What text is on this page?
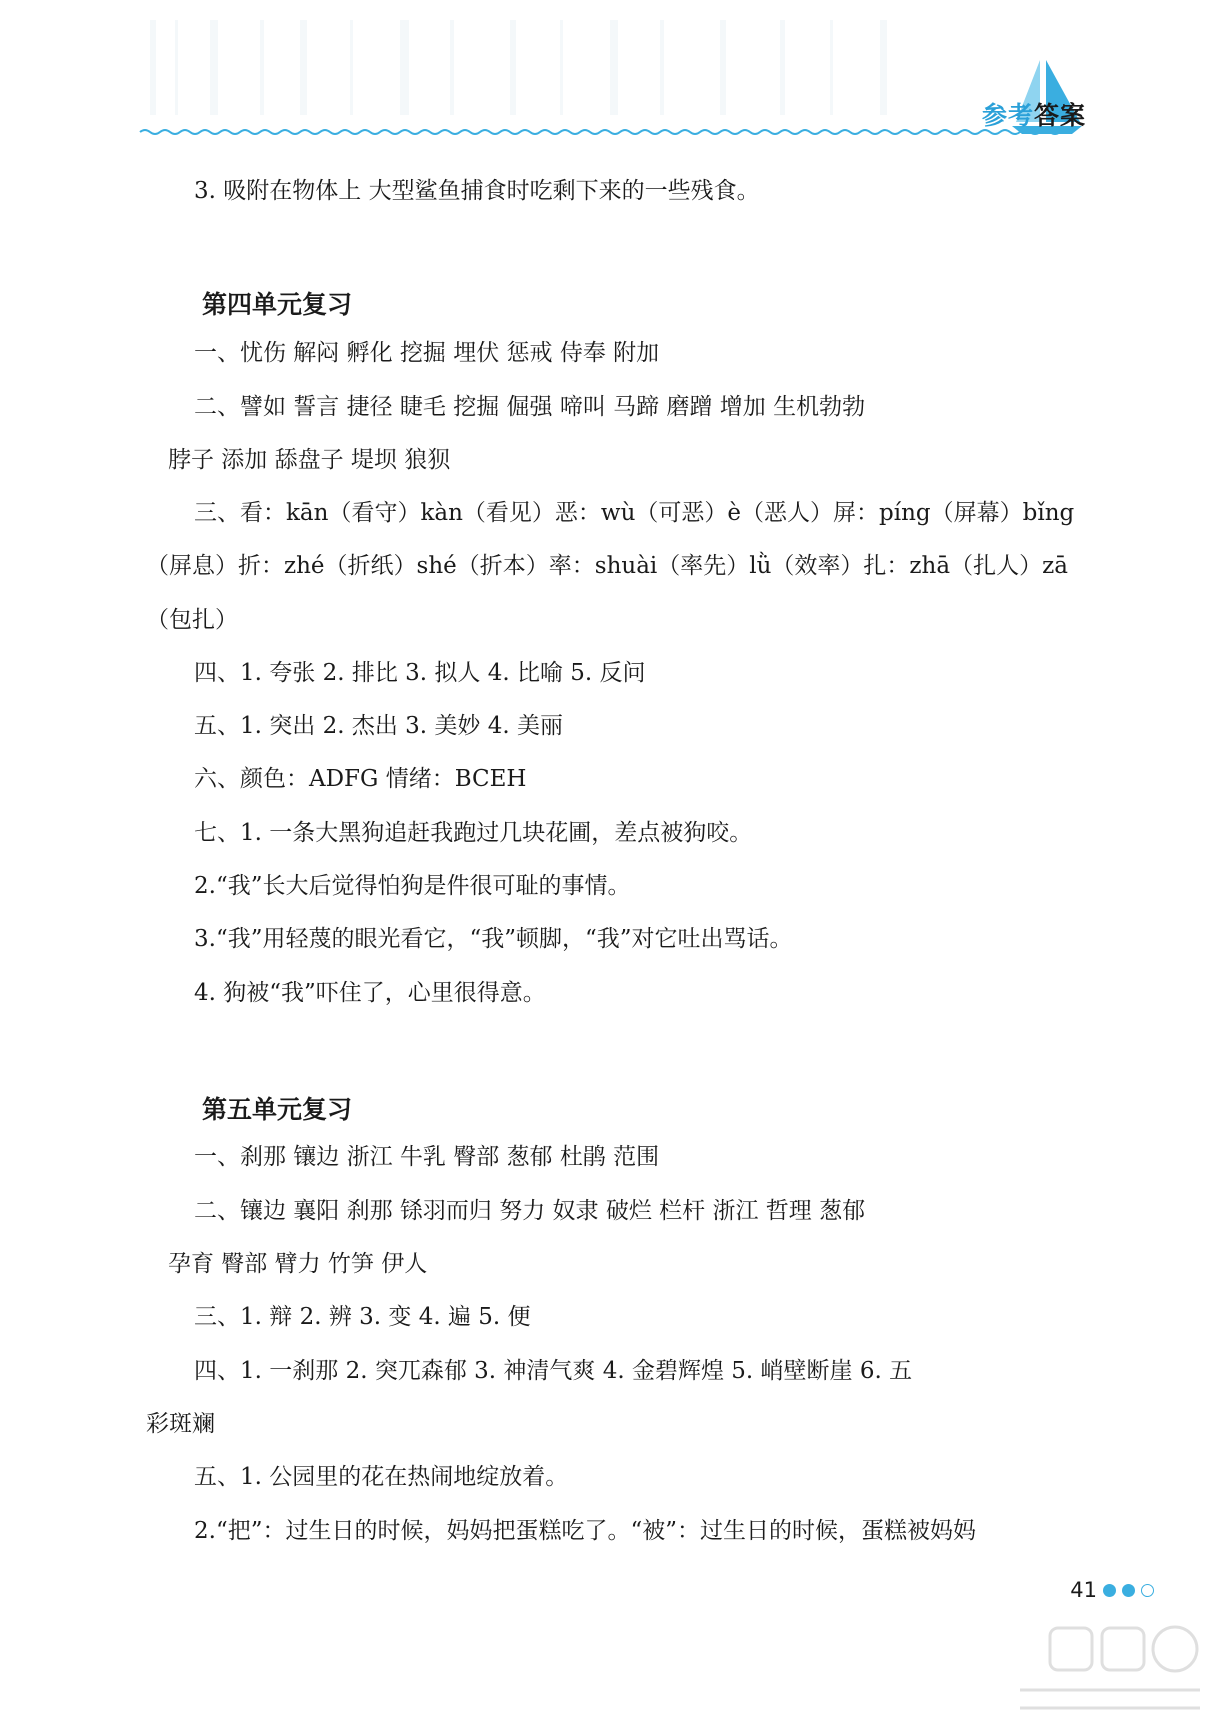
参考答案
3. 吸附在物体上 大型鲨鱼捕食时吃剩下来的一些残食。
第四单元复习
一、忧伤 解闷 孵化 挖掘 埋伏 惩戒 侍奉 附加
二、譬如 誓言 捷径 睫毛 挖掘 倔强 啼叫 马蹄 磨蹭 增加 生机勃勃
脖子 添加 舔盘子 堤坝 狼狈
三、看：kān（看守）kàn（看见）恶：wù（可恶）è（恶人）屏：píng（屏幕）bǐng
（屏息）折：zhé（折纸）shé（折本）率：shuài（率先）lǜ（效率）扎：zhā（扎人）zā
（包扎）
四、1. 夸张 2. 排比 3. 拟人 4. 比喻 5. 反问
五、1. 突出 2. 杰出 3. 美妙 4. 美丽
六、颜色：ADFG 情绪：BCEH
七、1. 一条大黑狗追赶我跑过几块花圃，差点被狗咬。
2.“我”长大后觉得怕狗是件很可耻的事情。
3.“我”用轻蔑的眼光看它，“我”顿脚，“我”对它吐出骂话。
4. 狗被“我”吓住了，心里很得意。
第五单元复习
一、刹那 镶边 浙江 牛乳 臀部 葱郁 杜鹃 范围
二、镶边 襄阳 刹那 铩羽而归 努力 奴隶 破烂 栏杆 浙江 哲理 葱郁
孕育 臀部 臂力 竹笋 伊人
三、1. 辩 2. 辨 3. 变 4. 遍 5. 便
四、1. 一刹那 2. 突兀森郁 3. 神清气爽 4. 金碧辉煌 5. 峭壁断崖 6. 五
彩斑斓
五、1. 公园里的花在热闹地绽放着。
2.“把”：过生日的时候，妈妈把蛋糕吃了。“被”：过生日的时候，蛋糕被妈妈
41
